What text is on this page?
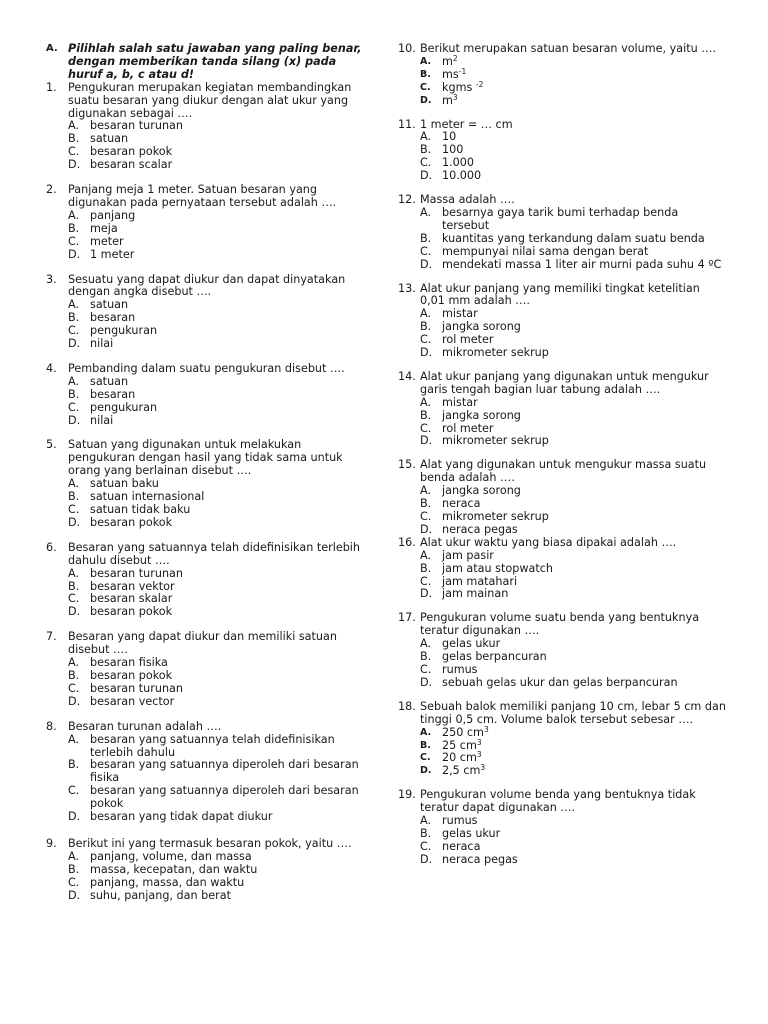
A. Pilihlah salah satu jawaban yang paling benar, dengan memberikan tanda silang (x) pada huruf a, b, c atau d!
1.	Pengukuran merupakan kegiatan membandingkan suatu besaran yang diukur dengan alat ukur yang digunakan sebagai ….
A. besaran turunan
B. satuan
C. besaran pokok
D. besaran scalar
2.	Panjang meja 1 meter. Satuan besaran yang digunakan pada pernyataan tersebut adalah ….
A. panjang
B. meja
C. meter
D. 1 meter
3.	Sesuatu yang dapat diukur dan dapat dinyatakan dengan angka disebut ….
A. satuan
B. besaran
C. pengukuran
D. nilai
4.	Pembanding dalam suatu pengukuran disebut ….
A. satuan
B. besaran
C. pengukuran
D. nilai
5.	Satuan yang digunakan untuk melakukan pengukuran dengan hasil yang tidak sama untuk orang yang berlainan disebut ….
A. satuan baku
B. satuan internasional
C. satuan tidak baku
D. besaran pokok
6.	Besaran yang satuannya telah didefinisikan terlebih dahulu disebut ….
A. besaran turunan
B. besaran vektor
C. besaran skalar
D. besaran pokok
7.	Besaran yang dapat diukur dan memiliki satuan disebut ….
A. besaran fisika
B. besaran pokok
C. besaran turunan
D. besaran vector
8.	Besaran turunan adalah ….
A. besaran yang satuannya telah didefinisikan terlebih dahulu
B. besaran yang satuannya diperoleh dari besaran fisika
C. besaran yang satuannya diperoleh dari besaran pokok
D. besaran yang tidak dapat diukur
9.	Berikut ini yang termasuk besaran pokok, yaitu ….
A. panjang, volume, dan massa
B. massa, kecepatan, dan waktu
C. panjang, massa, dan waktu
D. suhu, panjang, dan berat
10. Berikut merupakan satuan besaran volume, yaitu ….
A. $m^2$
B. $ms^{-1}$
C.	kgms $^{-2}$
D. $m^3$
11. 1 meter = … cm
A. 10
B. 100
C. 1.000
D. 10.000
12. Massa adalah ….
A. besarnya gaya tarik bumi terhadap benda tersebut
B. kuantitas yang terkandung dalam suatu benda
C. mempunyai nilai sama dengan berat
D. mendekati massa 1 liter air murni pada suhu 4 ºC
13. Alat ukur panjang yang memiliki tingkat ketelitian 0,01 mm adalah ….
A. mistar
B. jangka sorong
C. rol meter
D. mikrometer sekrup
14. Alat ukur panjang yang digunakan untuk mengukur garis tengah bagian luar tabung adalah ….
A. mistar
B. jangka sorong
C. rol meter
D. mikrometer sekrup
15. Alat yang digunakan untuk mengukur massa suatu benda adalah ….
A. jangka sorong
B. neraca
C. mikrometer sekrup
D. neraca pegas
16. Alat ukur waktu yang biasa dipakai adalah ….
A. jam pasir
B. jam atau stopwatch
C. jam matahari
D. jam mainan
17. Pengukuran volume suatu benda yang bentuknya teratur digunakan ….
A. gelas ukur
B. gelas berpancuran
C. rumus
D. sebuah gelas ukur dan gelas berpancuran
18. Sebuah balok memiliki panjang 10 cm, lebar 5 cm dan tinggi 0,5 cm. Volume balok tersebut sebesar ….
A. 250 $cm^3$
B. 25 $cm^3$
C.	20 $cm^3$
D. 2,5 $cm^3$
19. Pengukuran volume benda yang bentuknya tidak teratur dapat digunakan ….
A. rumus
B. gelas ukur
C. neraca
D. neraca pegas
